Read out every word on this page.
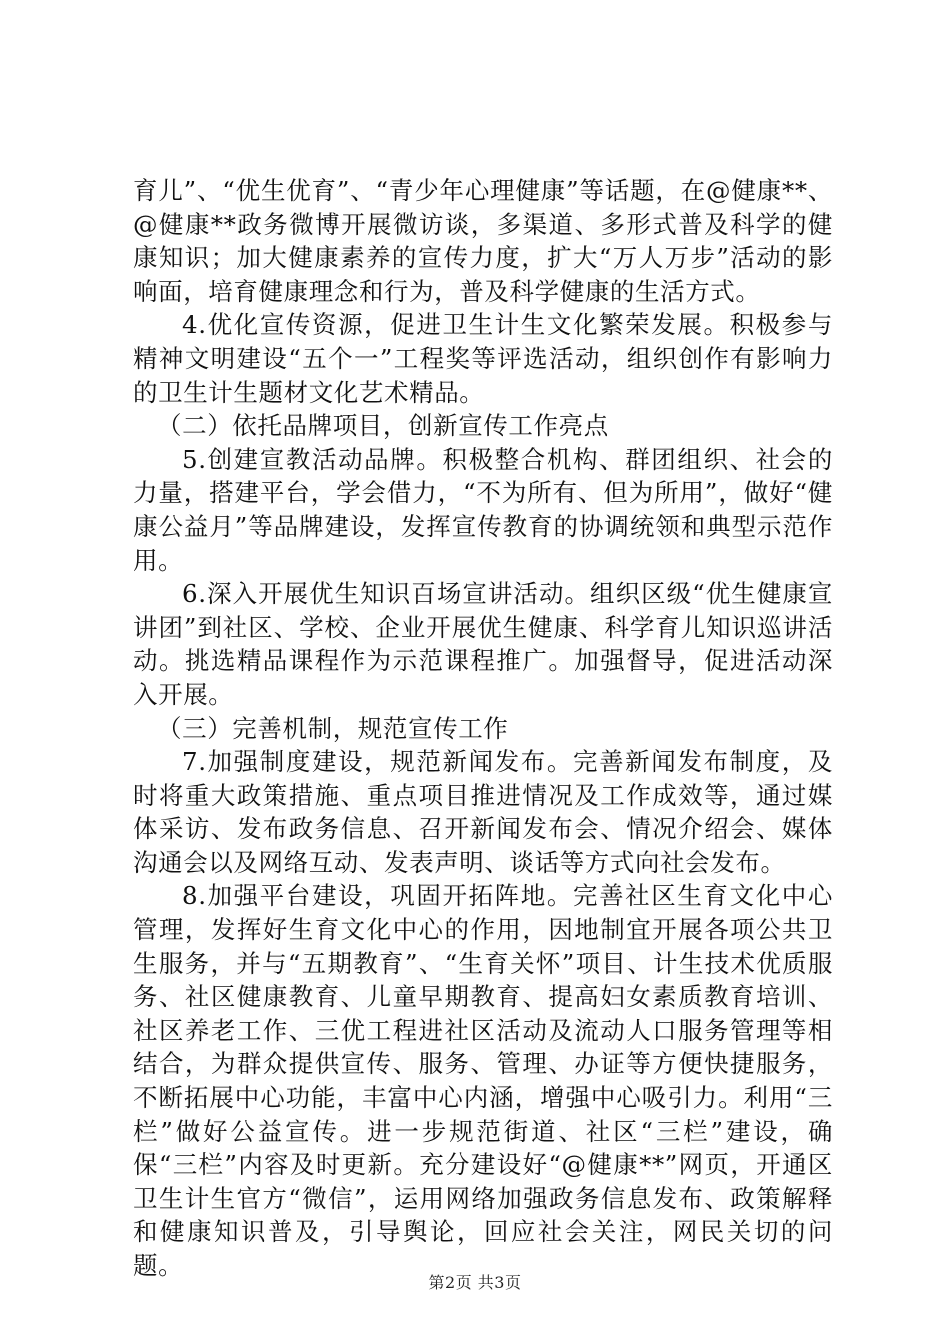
育儿”、“优生优育”、“青少年心理健康”等话题，在@健康**、@健康**政务微博开展微访谈，多渠道、多形式普及科学的健康知识；加大健康素养的宣传力度，扩大“万人万步”活动的影响面，培育健康理念和行为，普及科学健康的生活方式。

4.优化宣传资源，促进卫生计生文化繁荣发展。积极参与精神文明建设“五个一”工程奖等评选活动，组织创作有影响力的卫生计生题材文化艺术精品。

（二）依托品牌项目，创新宣传工作亮点

5.创建宣教活动品牌。积极整合机构、群团组织、社会的力量，搭建平台，学会借力，“不为所有、但为所用”，做好“健康公益月”等品牌建设，发挥宣传教育的协调统领和典型示范作用。

6.深入开展优生知识百场宣讲活动。组织区级“优生健康宣讲团”到社区、学校、企业开展优生健康、科学育儿知识巡讲活动。挑选精品课程作为示范课程推广。加强督导，促进活动深入开展。

（三）完善机制，规范宣传工作

7.加强制度建设，规范新闻发布。完善新闻发布制度，及时将重大政策措施、重点项目推进情况及工作成效等，通过媒体采访、发布政务信息、召开新闻发布会、情况介绍会、媒体沟通会以及网络互动、发表声明、谈话等方式向社会发布。

8.加强平台建设，巩固开拓阵地。完善社区生育文化中心管理，发挥好生育文化中心的作用，因地制宜开展各项公共卫生服务，并与“五期教育”、“生育关怀”项目、计生技术优质服务、社区健康教育、儿童早期教育、提高妇女素质教育培训、社区养老工作、三优工程进社区活动及流动人口服务管理等相结合，为群众提供宣传、服务、管理、办证等方便快捷服务，不断拓展中心功能，丰富中心内涵，增强中心吸引力。利用“三栏”做好公益宣传。进一步规范街道、社区“三栏”建设，确保“三栏”内容及时更新。充分建设好“@健康**”网页，开通区卫生计生官方“微信”，运用网络加强政务信息发布、政策解释和健康知识普及，引导舆论，回应社会关注，网民关切的问题。

第2页 共3页
